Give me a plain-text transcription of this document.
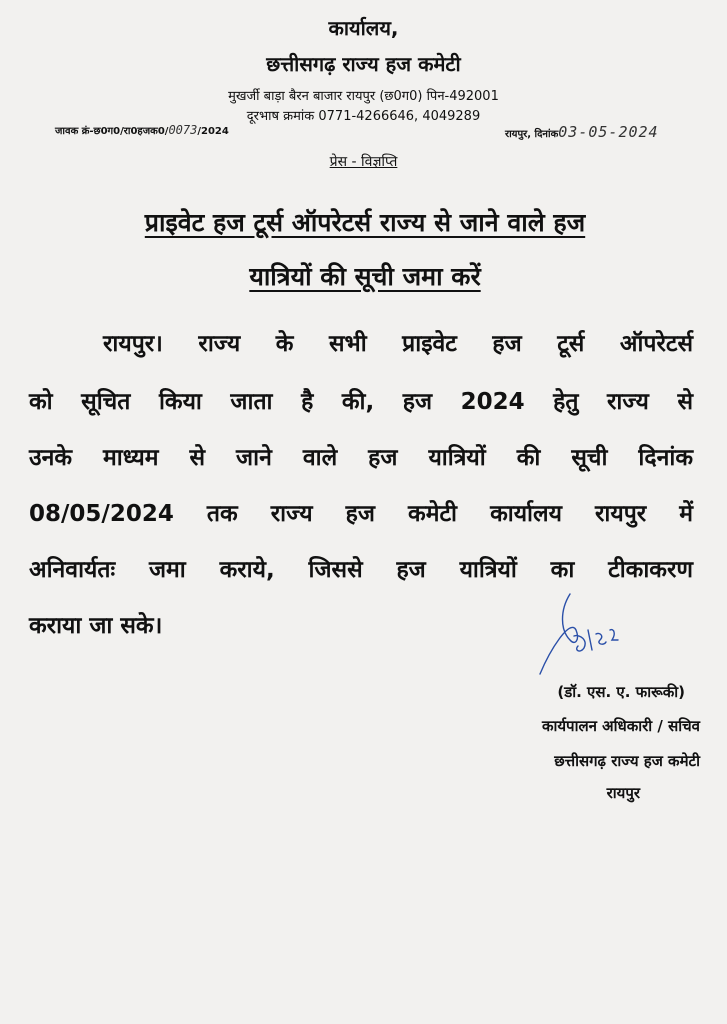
कार्यालय,
छत्तीसगढ़ राज्य हज कमेटी
मुखर्जी बाड़ा बैरन बाजार रायपुर (छ0ग0) पिन-492001
दूरभाष क्रमांक 0771-4266646, 4049289
जावक क्रं-छ0ग0/रा0हजक0/0073/2024	रायपुर, दिनांक03-05-2024
प्रेस - विज्ञप्ति
प्राइवेट हज टूर्स ऑपरेटर्स राज्य से जाने वाले हज
यात्रियों की सूची जमा करें
रायपुर। राज्य के सभी प्राइवेट हज टूर्स ऑपरेटर्स
को सूचित किया जाता है की, हज 2024 हेतु राज्य से
उनके माध्यम से जाने वाले हज यात्रियों की सूची दिनांक
08/05/2024 तक राज्य हज कमेटी कार्यालय रायपुर में
अनिवार्यतः जमा कराये, जिससे हज यात्रियों का टीकाकरण
कराया जा सके।
(डॉ. एस. ए. फारूकी)
कार्यपालन अधिकारी / सचिव
छत्तीसगढ़ राज्य हज कमेटी
रायपुर
